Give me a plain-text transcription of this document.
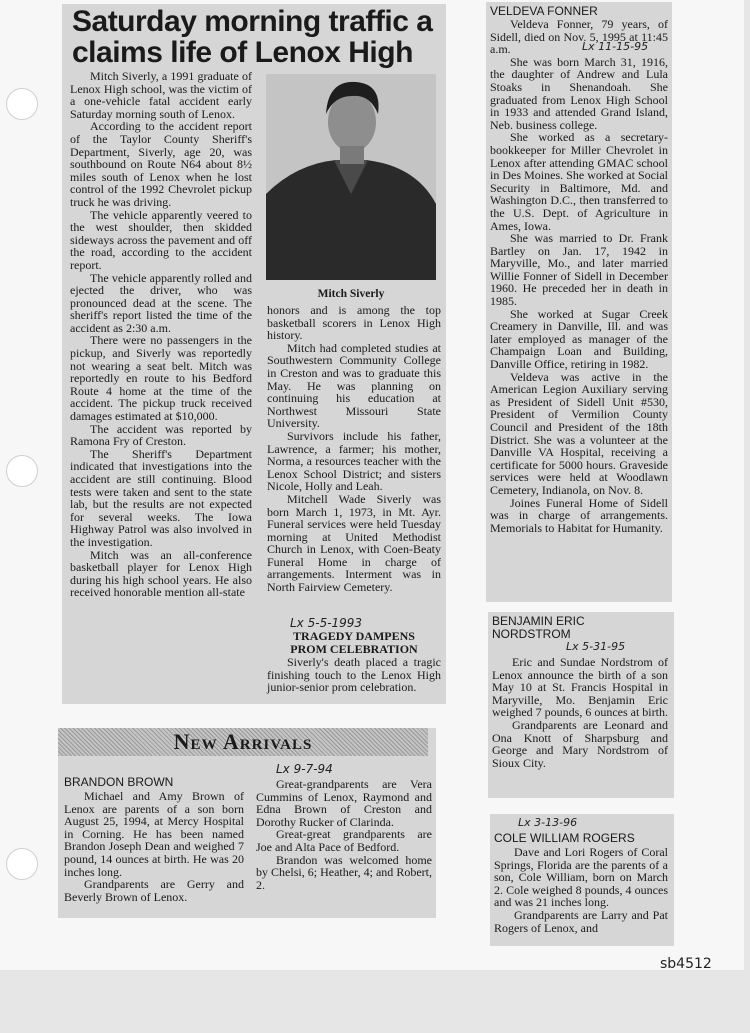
Saturday morning traffic a
claims life of Lenox High

Mitch Siverly, a 1991 graduate of Lenox High school, was the victim of a one-vehicle fatal accident early Saturday morning south of Lenox.

According to the accident report of the Taylor County Sheriff's Department, Siverly, age 20, was southbound on Route N64 about 8½ miles south of Lenox when he lost control of the 1992 Chevrolet pickup truck he was driving.

The vehicle apparently veered to the west shoulder, then skidded sideways across the pavement and off the road, according to the accident report.

The vehicle apparently rolled and ejected the driver, who was pronounced dead at the scene. The sheriff's report listed the time of the accident as 2:30 a.m.

There were no passengers in the pickup, and Siverly was reportedly not wearing a seat belt. Mitch was reportedly en route to his Bedford Route 4 home at the time of the accident. The pickup truck received damages estimated at $10,000.

The accident was reported by Ramona Fry of Creston.

The Sheriff's Department indicated that investigations into the accident are still continuing. Blood tests were taken and sent to the state lab, but the results are not expected for several weeks. The Iowa Highway Patrol was also involved in the investigation.

Mitch was an all-conference basketball player for Lenox High during his high school years. He also received honorable mention all-state

Mitch Siverly

honors and is among the top basketball scorers in Lenox High history.

Mitch had completed studies at Southwestern Community College in Creston and was to graduate this May. He was planning on continuing his education at Northwest Missouri State University.

Survivors include his father, Lawrence, a farmer; his mother, Norma, a resources teacher with the Lenox School District; and sisters Nicole, Holly and Leah.

Mitchell Wade Siverly was born March 1, 1973, in Mt. Ayr. Funeral services were held Tuesday morning at United Methodist Church in Lenox, with Coen-Beaty Funeral Home in charge of arrangements. Interment was in North Fairview Cemetery.

Lx 5-5-1993
TRAGEDY DAMPENS
PROM CELEBRATION

Siverly's death placed a tragic finishing touch to the Lenox High junior-senior prom celebration.

New Arrivals
Lx 9-7-94
BRANDON BROWN

Michael and Amy Brown of Lenox are parents of a son born August 25, 1994, at Mercy Hospital in Corning. He has been named Brandon Joseph Dean and weighed 7 pound, 14 ounces at birth. He was 20 inches long.

Grandparents are Gerry and Beverly Brown of Lenox.

Great-grandparents are Vera Cummins of Lenox, Raymond and Edna Brown of Creston and Dorothy Rucker of Clarinda.

Great-great grandparents are Joe and Alta Pace of Bedford.

Brandon was welcomed home by Chelsi, 6; Heather, 4; and Robert, 2.

VELDEVA FONNER
Lx 11-15-95

Veldeva Fonner, 79 years, of Sidell, died on Nov. 5, 1995 at 11:45 a.m.

She was born March 31, 1916, the daughter of Andrew and Lula Stoaks in Shenandoah. She graduated from Lenox High School in 1933 and attended Grand Island, Neb. business college.

She worked as a secretary-bookkeeper for Miller Chevrolet in Lenox after attending GMAC school in Des Moines. She worked at Social Security in Baltimore, Md. and Washington D.C., then transferred to the U.S. Dept. of Agriculture in Ames, Iowa.

She was married to Dr. Frank Bartley on Jan. 17, 1942 in Maryville, Mo., and later married Willie Fonner of Sidell in December 1960. He preceded her in death in 1985.

She worked at Sugar Creek Creamery in Danville, Ill. and was later employed as manager of the Champaign Loan and Building, Danville Office, retiring in 1982.

Veldeva was active in the American Legion Auxiliary serving as President of Sidell Unit #530, President of Vermilion County Council and President of the 18th District. She was a volunteer at the Danville VA Hospital, receiving a certificate for 5000 hours. Graveside services were held at Woodlawn Cemetery, Indianola, on Nov. 8.

Joines Funeral Home of Sidell was in charge of arrangements. Memorials to Habitat for Humanity.

BENJAMIN ERIC
NORDSTROM
Lx 5-31-95

Eric and Sundae Nordstrom of Lenox announce the birth of a son May 10 at St. Francis Hospital in Maryville, Mo. Benjamin Eric weighed 7 pounds, 6 ounces at birth.

Grandparents are Leonard and Ona Knott of Sharpsburg and George and Mary Nordstrom of Sioux City.

Lx 3-13-96
COLE WILLIAM ROGERS

Dave and Lori Rogers of Coral Springs, Florida are the parents of a son, Cole William, born on March 2. Cole weighed 8 pounds, 4 ounces and was 21 inches long.

Grandparents are Larry and Pat Rogers of Lenox, and

sb4512
